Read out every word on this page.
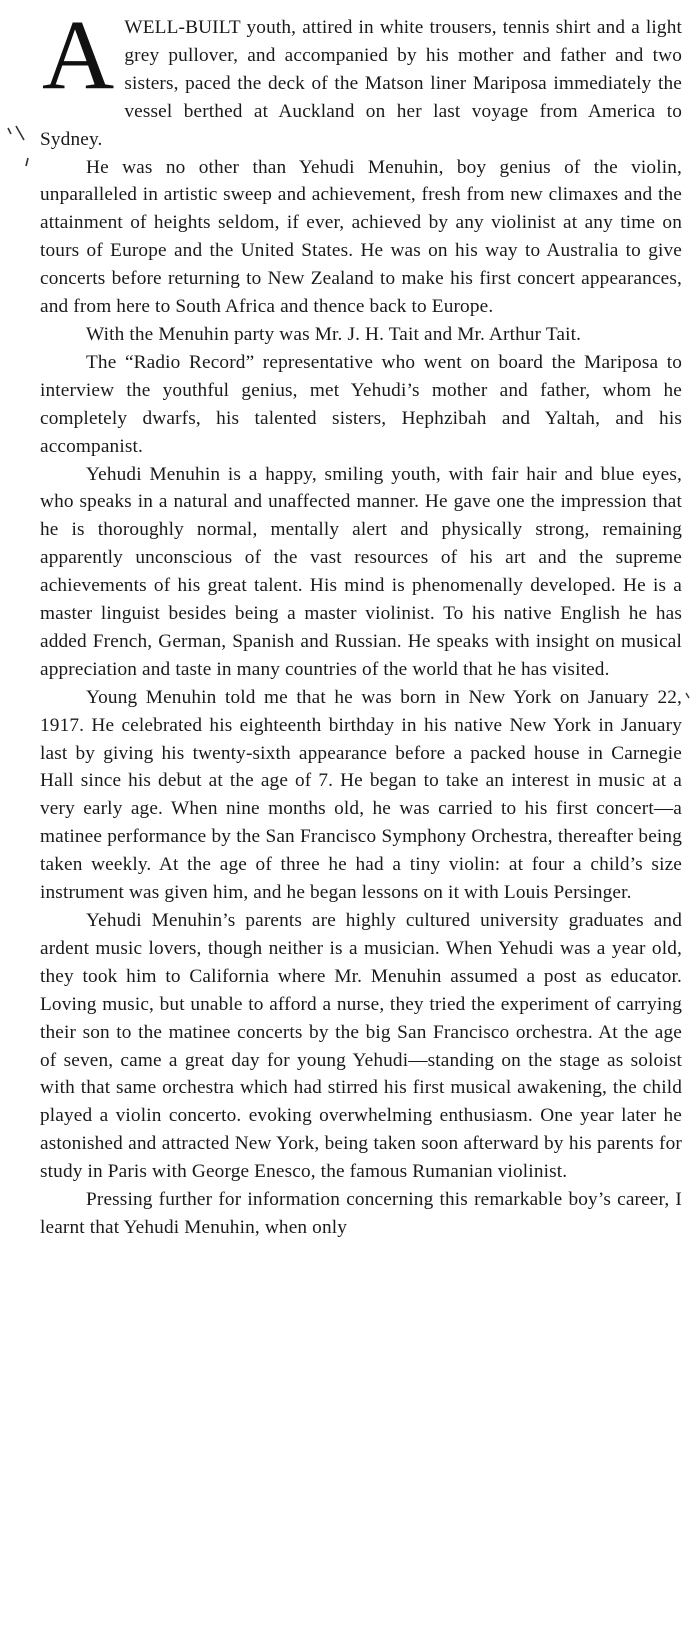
AWELL-BUILT youth, attired in white trousers, tennis shirt and a light grey pullover, and accompanied by his mother and father and two sisters, paced the deck of the Matson liner Mariposa immediately the vessel berthed at Auckland on her last voyage from America to Sydney.

He was no other than Yehudi Menuhin, boy genius of the violin, unparalleled in artistic sweep and achievement, fresh from new climaxes and the attainment of heights seldom, if ever, achieved by any violinist at any time on tours of Europe and the United States. He was on his way to Australia to give concerts before returning to New Zealand to make his first concert appearances, and from here to South Africa and thence back to Europe.

With the Menuhin party was Mr. J. H. Tait and Mr. Arthur Tait.

The “Radio Record” representative who went on board the Mariposa to interview the youthful genius, met Yehudi’s mother and father, whom he completely dwarfs, his talented sisters, Hephzibah and Yaltah, and his accompanist.

Yehudi Menuhin is a happy, smiling youth, with fair hair and blue eyes, who speaks in a natural and unaffected manner. He gave one the impression that he is thoroughly normal, mentally alert and physically strong, remaining apparently unconscious of the vast resources of his art and the supreme achievements of his great talent. His mind is phenomenally developed. He is a master linguist besides being a master violinist. To his native English he has added French, German, Spanish and Russian. He speaks with insight on musical appreciation and taste in many countries of the world that he has visited.

Young Menuhin told me that he was born in New York on January 22, 1917. He celebrated his eighteenth birthday in his native New York in January last by giving his twenty-sixth appearance before a packed house in Carnegie Hall since his debut at the age of 7. He began to take an interest in music at a very early age. When nine months old, he was carried to his first concert—a matinee performance by the San Francisco Symphony Orchestra, thereafter being taken weekly. At the age of three he had a tiny violin: at four a child’s size instrument was given him, and he began lessons on it with Louis Persinger.

Yehudi Menuhin’s parents are highly cultured university graduates and ardent music lovers, though neither is a musician. When Yehudi was a year old, they took him to California where Mr. Menuhin assumed a post as educator. Loving music, but unable to afford a nurse, they tried the experiment of carrying their son to the matinee concerts by the big San Francisco orchestra. At the age of seven, came a great day for young Yehudi—standing on the stage as soloist with that same orchestra which had stirred his first musical awakening, the child played a violin concerto. evoking overwhelming enthusiasm. One year later he astonished and attracted New York, being taken soon afterward by his parents for study in Paris with George Enesco, the famous Rumanian violinist.

Pressing further for information concerning this remarkable boy’s career, I learnt that Yehudi Menuhin, when only
